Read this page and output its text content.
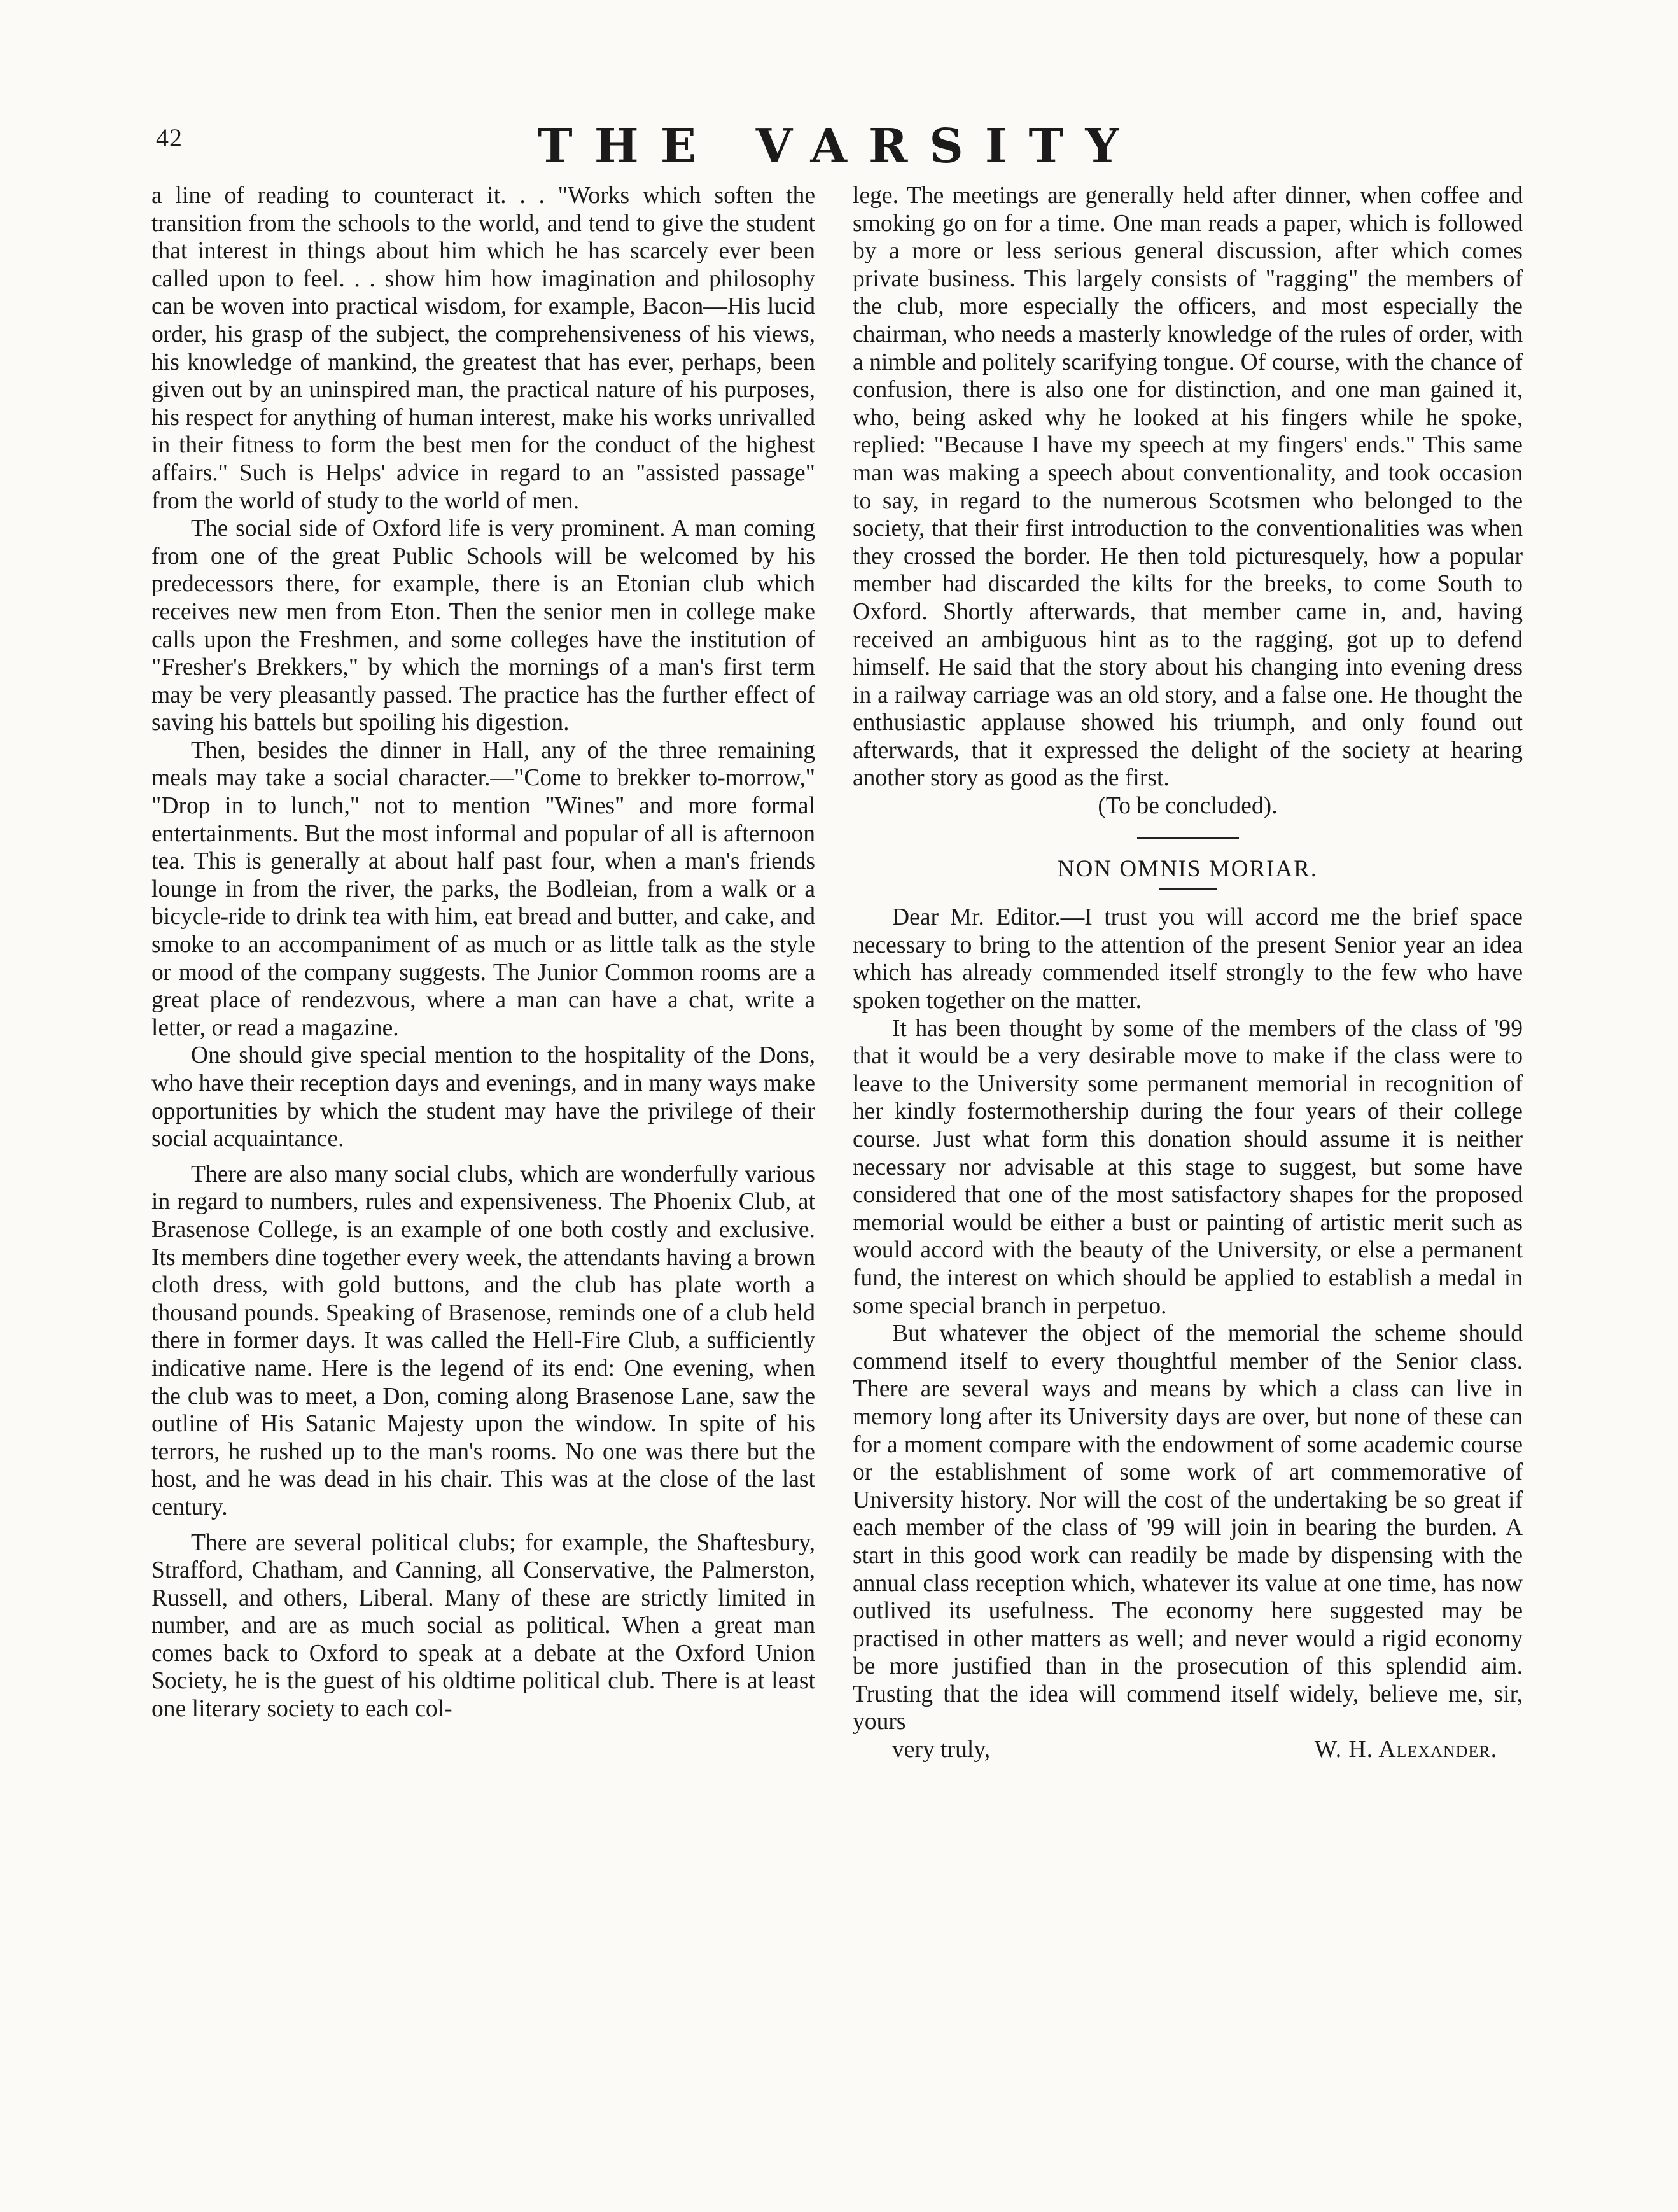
42	THE VARSITY

a line of reading to counteract it. . . "Works which soften the transition from the schools to the world, and tend to give the student that interest in things about him which he has scarcely ever been called upon to feel. . . show him how imagination and philosophy can be woven into practical wisdom, for example, Bacon—His lucid order, his grasp of the subject, the comprehensiveness of his views, his knowledge of mankind, the greatest that has ever, perhaps, been given out by an uninspired man, the practical nature of his purposes, his respect for anything of human interest, make his works unrivalled in their fitness to form the best men for the conduct of the highest affairs." Such is Helps' advice in regard to an "assisted passage" from the world of study to the world of men.

The social side of Oxford life is very prominent. A man coming from one of the great Public Schools will be welcomed by his predecessors there, for example, there is an Etonian club which receives new men from Eton. Then the senior men in college make calls upon the Freshmen, and some colleges have the institution of "Fresher's Brekkers," by which the mornings of a man's first term may be very pleasantly passed. The practice has the further effect of saving his battels but spoiling his digestion.

Then, besides the dinner in Hall, any of the three remaining meals may take a social character.—"Come to brekker to-morrow," "Drop in to lunch," not to mention "Wines" and more formal entertainments. But the most informal and popular of all is afternoon tea. This is generally at about half past four, when a man's friends lounge in from the river, the parks, the Bodleian, from a walk or a bicycle-ride to drink tea with him, eat bread and butter, and cake, and smoke to an accompaniment of as much or as little talk as the style or mood of the company suggests. The Junior Common rooms are a great place of rendezvous, where a man can have a chat, write a letter, or read a magazine.

One should give special mention to the hospitality of the Dons, who have their reception days and evenings, and in many ways make opportunities by which the student may have the privilege of their social acquaintance.

There are also many social clubs, which are wonderfully various in regard to numbers, rules and expensiveness. The Phoenix Club, at Brasenose College, is an example of one both costly and exclusive. Its members dine together every week, the attendants having a brown cloth dress, with gold buttons, and the club has plate worth a thousand pounds. Speaking of Brasenose, reminds one of a club held there in former days. It was called the Hell-Fire Club, a sufficiently indicative name. Here is the legend of its end: One evening, when the club was to meet, a Don, coming along Brasenose Lane, saw the outline of His Satanic Majesty upon the window. In spite of his terrors, he rushed up to the man's rooms. No one was there but the host, and he was dead in his chair. This was at the close of the last century.

There are several political clubs; for example, the Shaftesbury, Strafford, Chatham, and Canning, all Conservative, the Palmerston, Russell, and others, Liberal. Many of these are strictly limited in number, and are as much social as political. When a great man comes back to Oxford to speak at a debate at the Oxford Union Society, he is the guest of his oldtime political club. There is at least one literary society to each col-

lege. The meetings are generally held after dinner, when coffee and smoking go on for a time. One man reads a paper, which is followed by a more or less serious general discussion, after which comes private business. This largely consists of "ragging" the members of the club, more especially the officers, and most especially the chairman, who needs a masterly knowledge of the rules of order, with a nimble and politely scarifying tongue. Of course, with the chance of confusion, there is also one for distinction, and one man gained it, who, being asked why he looked at his fingers while he spoke, replied: "Because I have my speech at my fingers' ends." This same man was making a speech about conventionality, and took occasion to say, in regard to the numerous Scotsmen who belonged to the society, that their first introduction to the conventionalities was when they crossed the border. He then told picturesquely, how a popular member had discarded the kilts for the breeks, to come South to Oxford. Shortly afterwards, that member came in, and, having received an ambiguous hint as to the ragging, got up to defend himself. He said that the story about his changing into evening dress in a railway carriage was an old story, and a false one. He thought the enthusiastic applause showed his triumph, and only found out afterwards, that it expressed the delight of the society at hearing another story as good as the first.

(To be concluded).

NON OMNIS MORIAR.

Dear Mr. Editor.—I trust you will accord me the brief space necessary to bring to the attention of the present Senior year an idea which has already commended itself strongly to the few who have spoken together on the matter.

It has been thought by some of the members of the class of '99 that it would be a very desirable move to make if the class were to leave to the University some permanent memorial in recognition of her kindly fostermothership during the four years of their college course. Just what form this donation should assume it is neither necessary nor advisable at this stage to suggest, but some have considered that one of the most satisfactory shapes for the proposed memorial would be either a bust or painting of artistic merit such as would accord with the beauty of the University, or else a permanent fund, the interest on which should be applied to establish a medal in some special branch in perpetuo.

But whatever the object of the memorial the scheme should commend itself to every thoughtful member of the Senior class. There are several ways and means by which a class can live in memory long after its University days are over, but none of these can for a moment compare with the endowment of some academic course or the establishment of some work of art commemorative of University history. Nor will the cost of the undertaking be so great if each member of the class of '99 will join in bearing the burden. A start in this good work can readily be made by dispensing with the annual class reception which, whatever its value at one time, has now outlived its usefulness. The economy here suggested may be practised in other matters as well; and never would a rigid economy be more justified than in the prosecution of this splendid aim. Trusting that the idea will commend itself widely, believe me, sir, yours

very truly,	W. H. Alexander.
